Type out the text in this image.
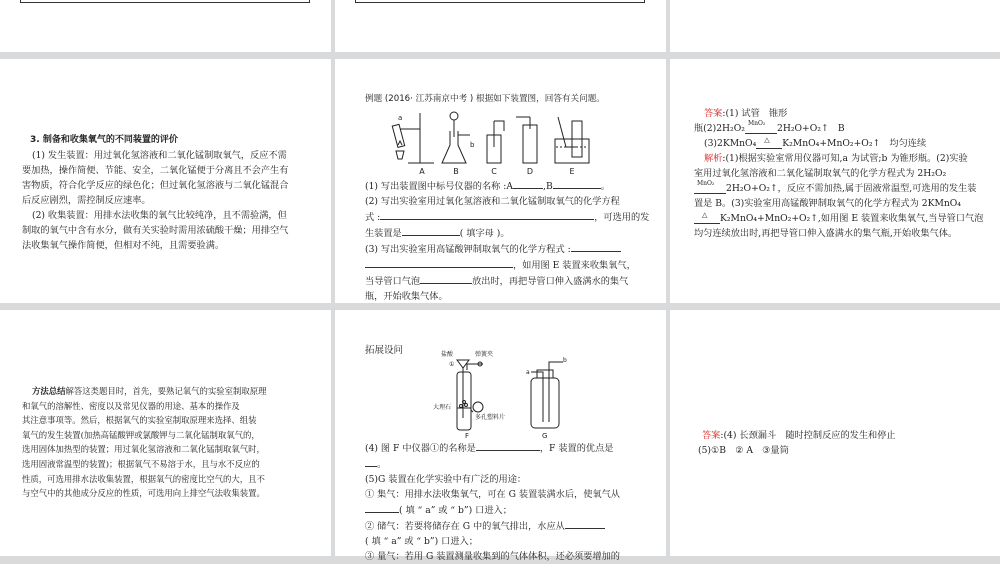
3. 制备和收集氧气的不同装置的评价
(1) 发生装置：用过氧化氢溶液和二氧化锰制取氧气，反应不需
要加热，操作简便、节能、安全，二氧化锰便于分离且不会产生有
害物质，符合化学反应的绿色化；但过氧化氢溶液与二氧化锰混合
后反应剧烈，需控制反应速率。
(2) 收集装置：用排水法收集的氧气比较纯净，且不需验满，但
制取的氧气中含有水分，做有关实验时需用浓硫酸干燥；用排空气
法收集氧气操作简便，但相对不纯，且需要验满。
例题 (2016· 江苏南京中考 ) 根据如下装置图，回答有关问题。
a
b
A	B	C	D	E
(1) 写出装置图中标号仪器的名称 :A	,B	。
(2) 写出实验室用过氧化氢溶液和二氧化锰制取氧气的化学方程
式 :	，可选用的发
生装置是	( 填字母 )。
(3) 写出实验室用高锰酸钾制取氧气的化学方程式 :
，如用图 E 装置来收集氧气，
当导管口气泡	放出时，再把导管口伸入盛满水的集气
瓶，开始收集气体。
答案:(1) 试管　锥形
瓶(2)2H₂O₂ MnO₂ 2H₂O+O₂↑　B
(3)2KMnO₄ △ K₂MnO₄+MnO₂+O₂↑　均匀连续
解析:(1)根据实验室常用仪器可知,a 为试管;b 为锥形瓶。(2)实验
室用过氧化氢溶液和二氧化锰制取氧气的化学方程式为 2H₂O₂
MnO₂ 2H₂O+O₂↑，反应不需加热,属于固液常温型,可选用的发生装
置是 B。(3)实验室用高锰酸钾制取氧气的化学方程式为 2KMnO₄
△ K₂MnO₄+MnO₂+O₂↑,如用图 E 装置来收集氧气,当导管口气泡
均匀连续放出时,再把导管口伸入盛满水的集气瓶,开始收集气体。
方法总结解答这类题目时，首先，要熟记氧气的实验室制取原理
和氧气的溶解性、密度以及常见仪器的用途、基本的操作及
其注意事项等。然后，根据氧气的实验室制取原理来选择、组装
氧气的发生装置(加热高锰酸钾或氯酸钾与二氧化锰制取氧气的，
选用固体加热型的装置；用过氧化氢溶液和二氧化锰制取氧气时，
选用固液常温型的装置)；根据氧气不易溶于水，且与水不反应的
性质，可选用排水法收集装置，根据氧气的密度比空气的大，且不
与空气中的其他成分反应的性质，可选用向上排空气法收集装置。
拓展设问	盐酸	弹簧夹
①
大理石
多孔塑料片
F	G
a
b
(4) 图 F 中仪器①的名称是	，F 装置的优点是
。
(5)G 装置在化学实验中有广泛的用途：
① 集气：用排水法收集氧气，可在 G 装置装满水后，使氧气从
( 填 “ a” 或 “ b”) 口进入；
② 储气：若要将储存在 G 中的氧气排出，水应从
( 填 “ a” 或 “ b”) 口进入；
③ 量气：若用 G 装置测量收集到的气体体积，还必须要增加的
答案:(4) 长颈漏斗　随时控制反应的发生和停止
(5)①B　② A　③量筒
